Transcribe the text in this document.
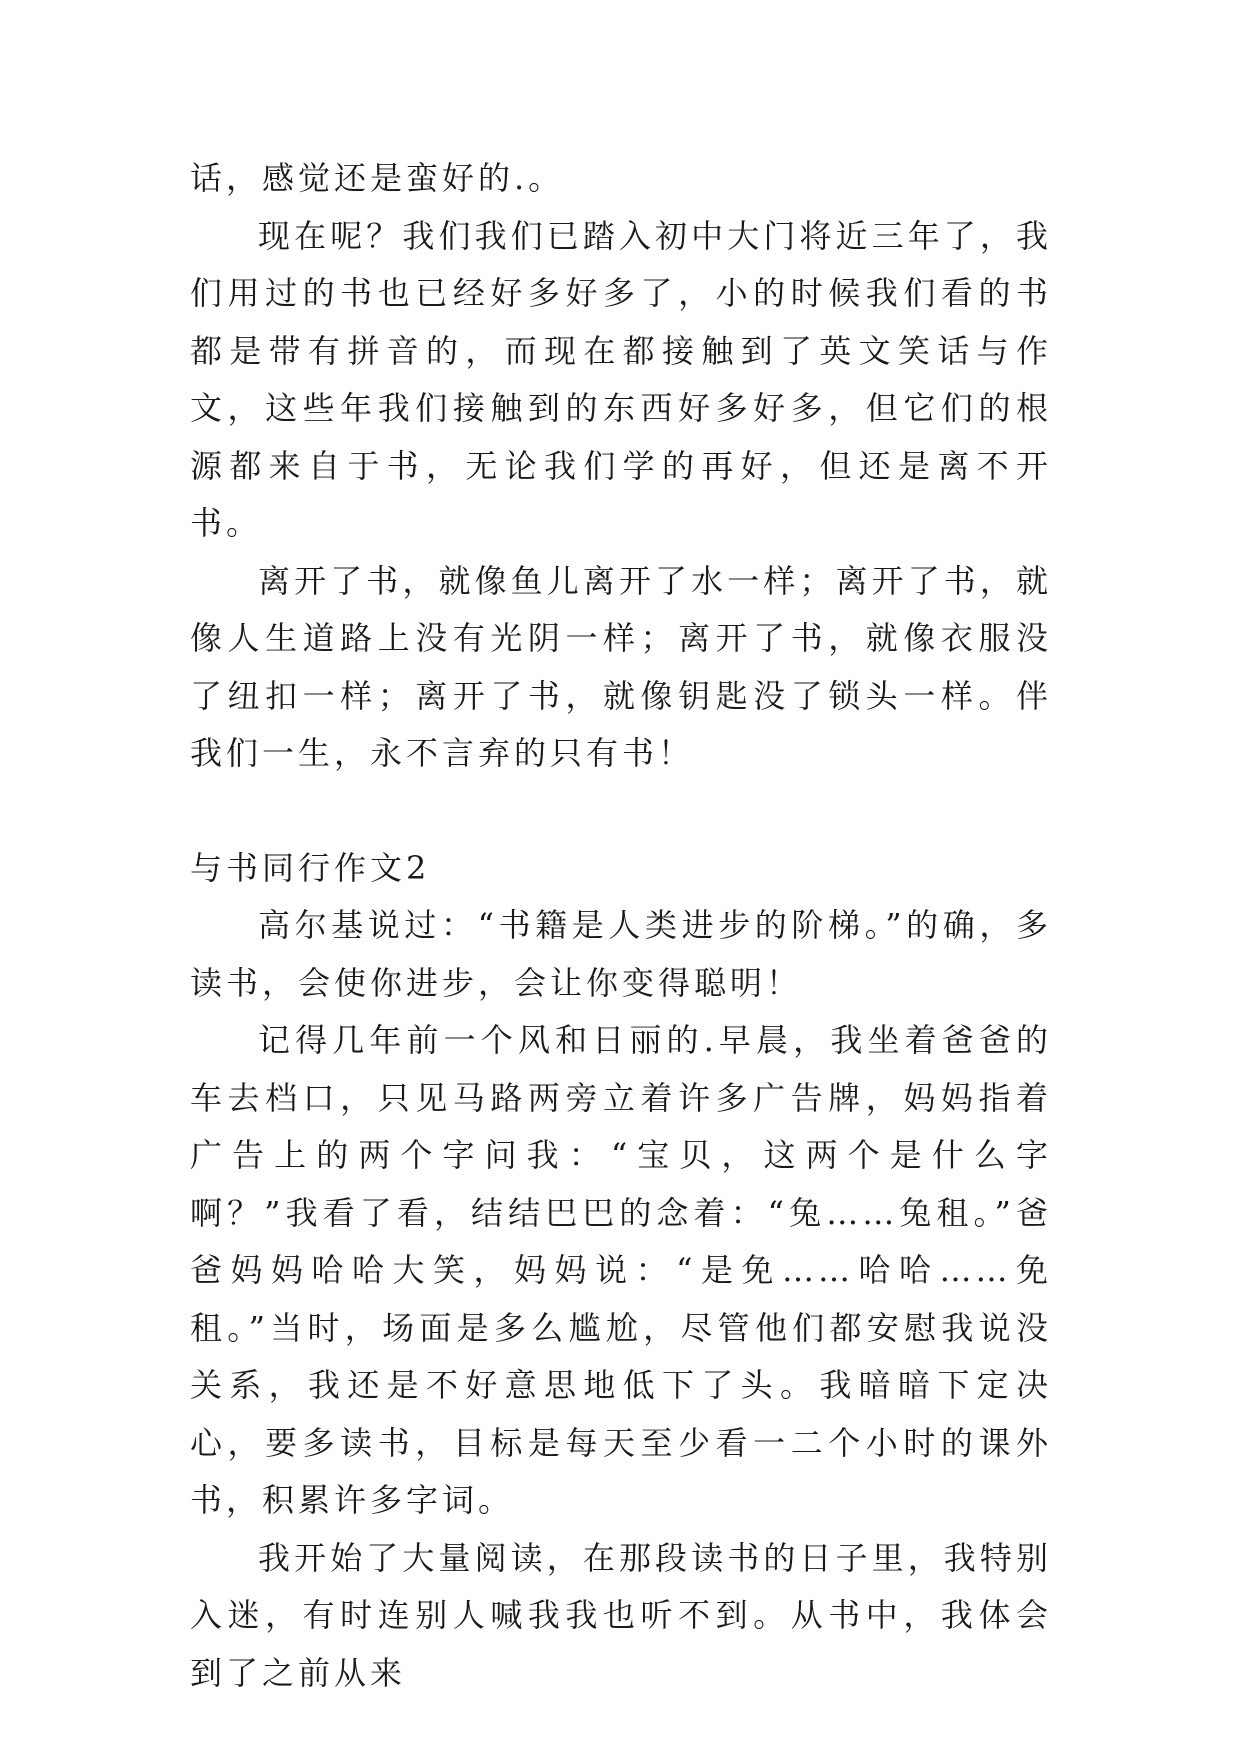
话，感觉还是蛮好的.。

现在呢？我们我们已踏入初中大门将近三年了，我们用过的书也已经好多好多了，小的时候我们看的书都是带有拼音的，而现在都接触到了英文笑话与作文，这些年我们接触到的东西好多好多，但它们的根源都来自于书，无论我们学的再好，但还是离不开书。

离开了书，就像鱼儿离开了水一样；离开了书，就像人生道路上没有光阴一样；离开了书，就像衣服没了纽扣一样；离开了书，就像钥匙没了锁头一样。伴我们一生，永不言弃的只有书！

与书同行作文2

高尔基说过：“书籍是人类进步的阶梯。”的确，多读书，会使你进步，会让你变得聪明！

记得几年前一个风和日丽的.早晨，我坐着爸爸的车去档口，只见马路两旁立着许多广告牌，妈妈指着广告上的两个字问我：“宝贝，这两个是什么字啊？”我看了看，结结巴巴的念着：“兔……兔租。”爸爸妈妈哈哈大笑，妈妈说：“是免……哈哈……免租。”当时，场面是多么尴尬，尽管他们都安慰我说没关系，我还是不好意思地低下了头。我暗暗下定决心，要多读书，目标是每天至少看一二个小时的课外书，积累许多字词。

我开始了大量阅读，在那段读书的日子里，我特别入迷，有时连别人喊我我也听不到。从书中，我体会到了之前从来
